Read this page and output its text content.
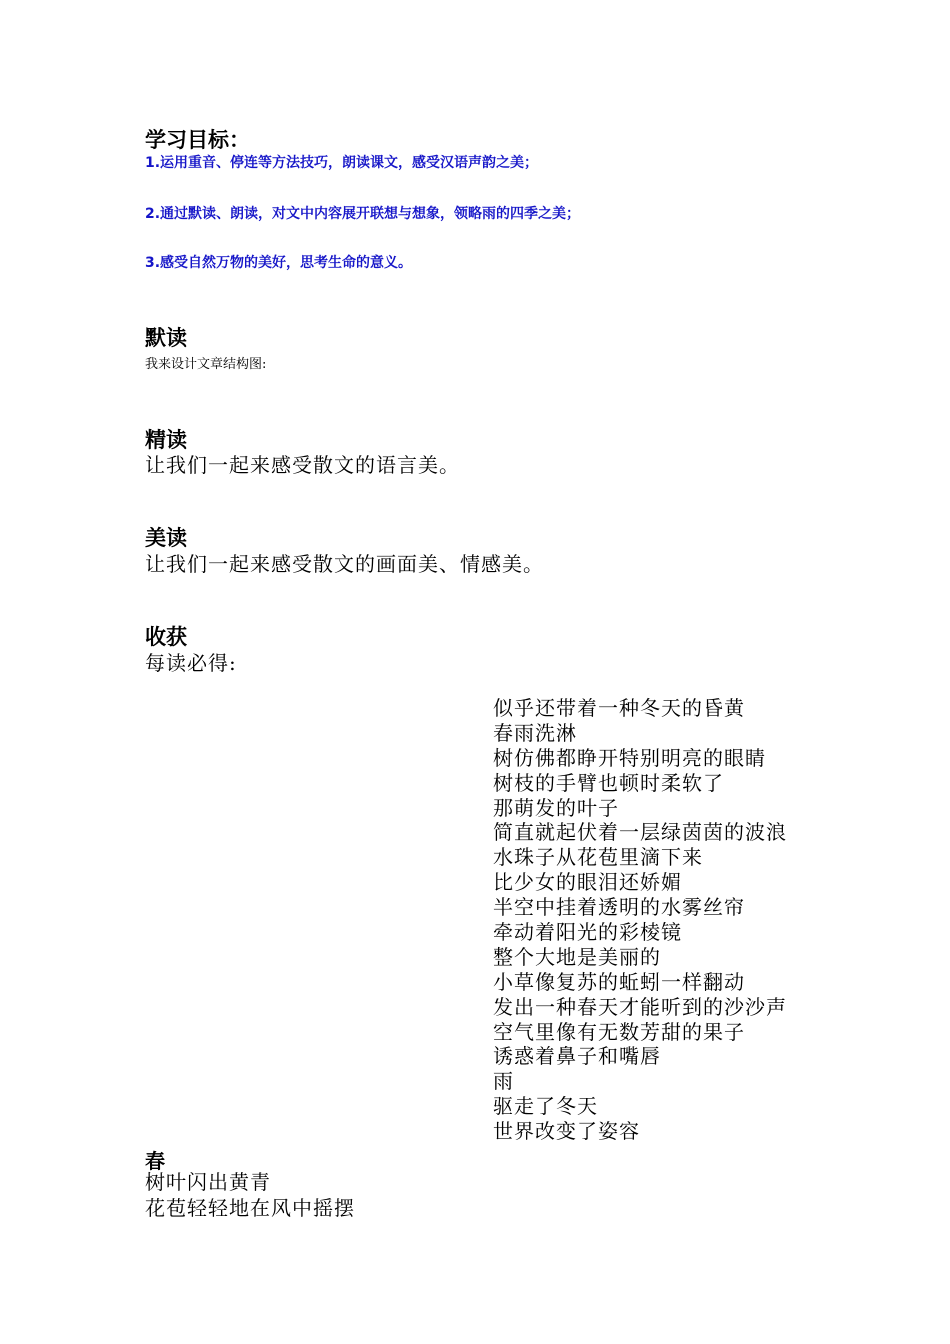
学习目标：
1.运用重音、停连等方法技巧，朗读课文，感受汉语声韵之美；
2.通过默读、朗读，对文中内容展开联想与想象，领略雨的四季之美；
3.感受自然万物的美好，思考生命的意义。
默读
我来设计文章结构图:
精读
让我们一起来感受散文的语言美。
美读
让我们一起来感受散文的画面美、情感美。
收获
每读必得:
似乎还带着一种冬天的昏黄
春雨洗淋
树仿佛都睁开特别明亮的眼睛
树枝的手臂也顿时柔软了
那萌发的叶子
简直就起伏着一层绿茵茵的波浪
水珠子从花苞里滴下来
比少女的眼泪还娇媚
半空中挂着透明的水雾丝帘
牵动着阳光的彩棱镜
整个大地是美丽的
小草像复苏的蚯蚓一样翻动
发出一种春天才能听到的沙沙声
空气里像有无数芳甜的果子
诱惑着鼻子和嘴唇
雨
驱走了冬天
世界改变了姿容
春
树叶闪出黄青
花苞轻轻地在风中摇摆
